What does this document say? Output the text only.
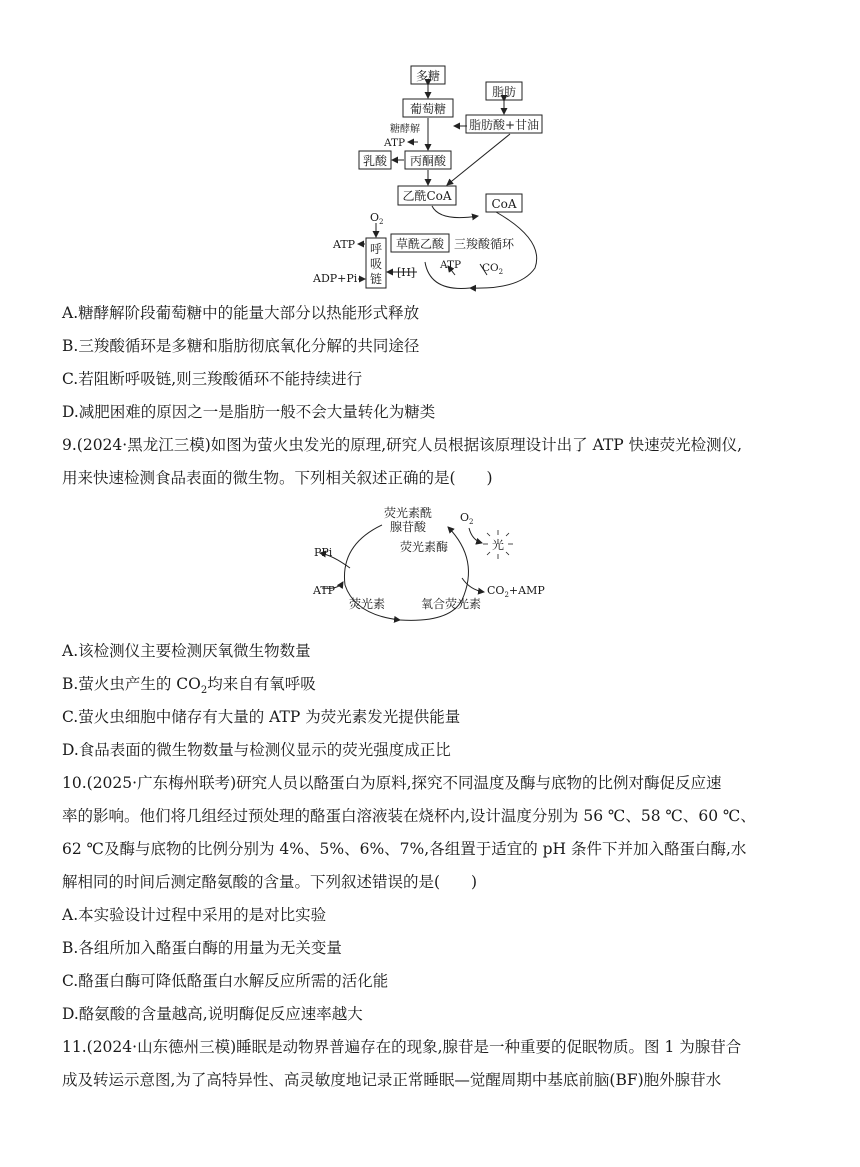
多糖
脂肪
葡萄糖
脂肪酸+甘油
糖酵解
ATP
乳酸 丙酮酸
乙酰CoA
CoA
$O_2$
呼
吸
链
草酰乙酸 三羧酸循环
ATP
ATP
ADP+Pi	[H]	$CO_2$
A.糖酵解阶段葡萄糖中的能量大部分以热能形式释放
B.三羧酸循环是多糖和脂肪彻底氧化分解的共同途径
C.若阻断呼吸链,则三羧酸循环不能持续进行
D.减肥困难的原因之一是脂肪一般不会大量转化为糖类
9.(2024·黑龙江三模)如图为萤火虫发光的原理,研究人员根据该原理设计出了 ATP 快速荧光检测仪,
用来快速检测食品表面的微生物。下列相关叙述正确的是(　　)
荧光素酰
腺苷酸
荧光素酶
$O_2$
光
PPi
ATP
荧光素	氧合荧光素
$CO_2+AMP$
A.该检测仪主要检测厌氧微生物数量
B.萤火虫产生的 $CO_2$均来自有氧呼吸
C.萤火虫细胞中储存有大量的 ATP 为荧光素发光提供能量
D.食品表面的微生物数量与检测仪显示的荧光强度成正比
10.(2025·广东梅州联考)研究人员以酪蛋白为原料,探究不同温度及酶与底物的比例对酶促反应速
率的影响。他们将几组经过预处理的酪蛋白溶液装在烧杯内,设计温度分别为 56 ℃、58 ℃、60 ℃、
62 ℃及酶与底物的比例分别为 4%、5%、6%、7%,各组置于适宜的 pH 条件下并加入酪蛋白酶,水
解相同的时间后测定酪氨酸的含量。下列叙述错误的是(　　)
A.本实验设计过程中采用的是对比实验
B.各组所加入酪蛋白酶的用量为无关变量
C.酪蛋白酶可降低酪蛋白水解反应所需的活化能
D.酪氨酸的含量越高,说明酶促反应速率越大
11.(2024·山东德州三模)睡眠是动物界普遍存在的现象,腺苷是一种重要的促眠物质。图 1 为腺苷合
成及转运示意图,为了高特异性、高灵敏度地记录正常睡眠—觉醒周期中基底前脑(BF)胞外腺苷水
